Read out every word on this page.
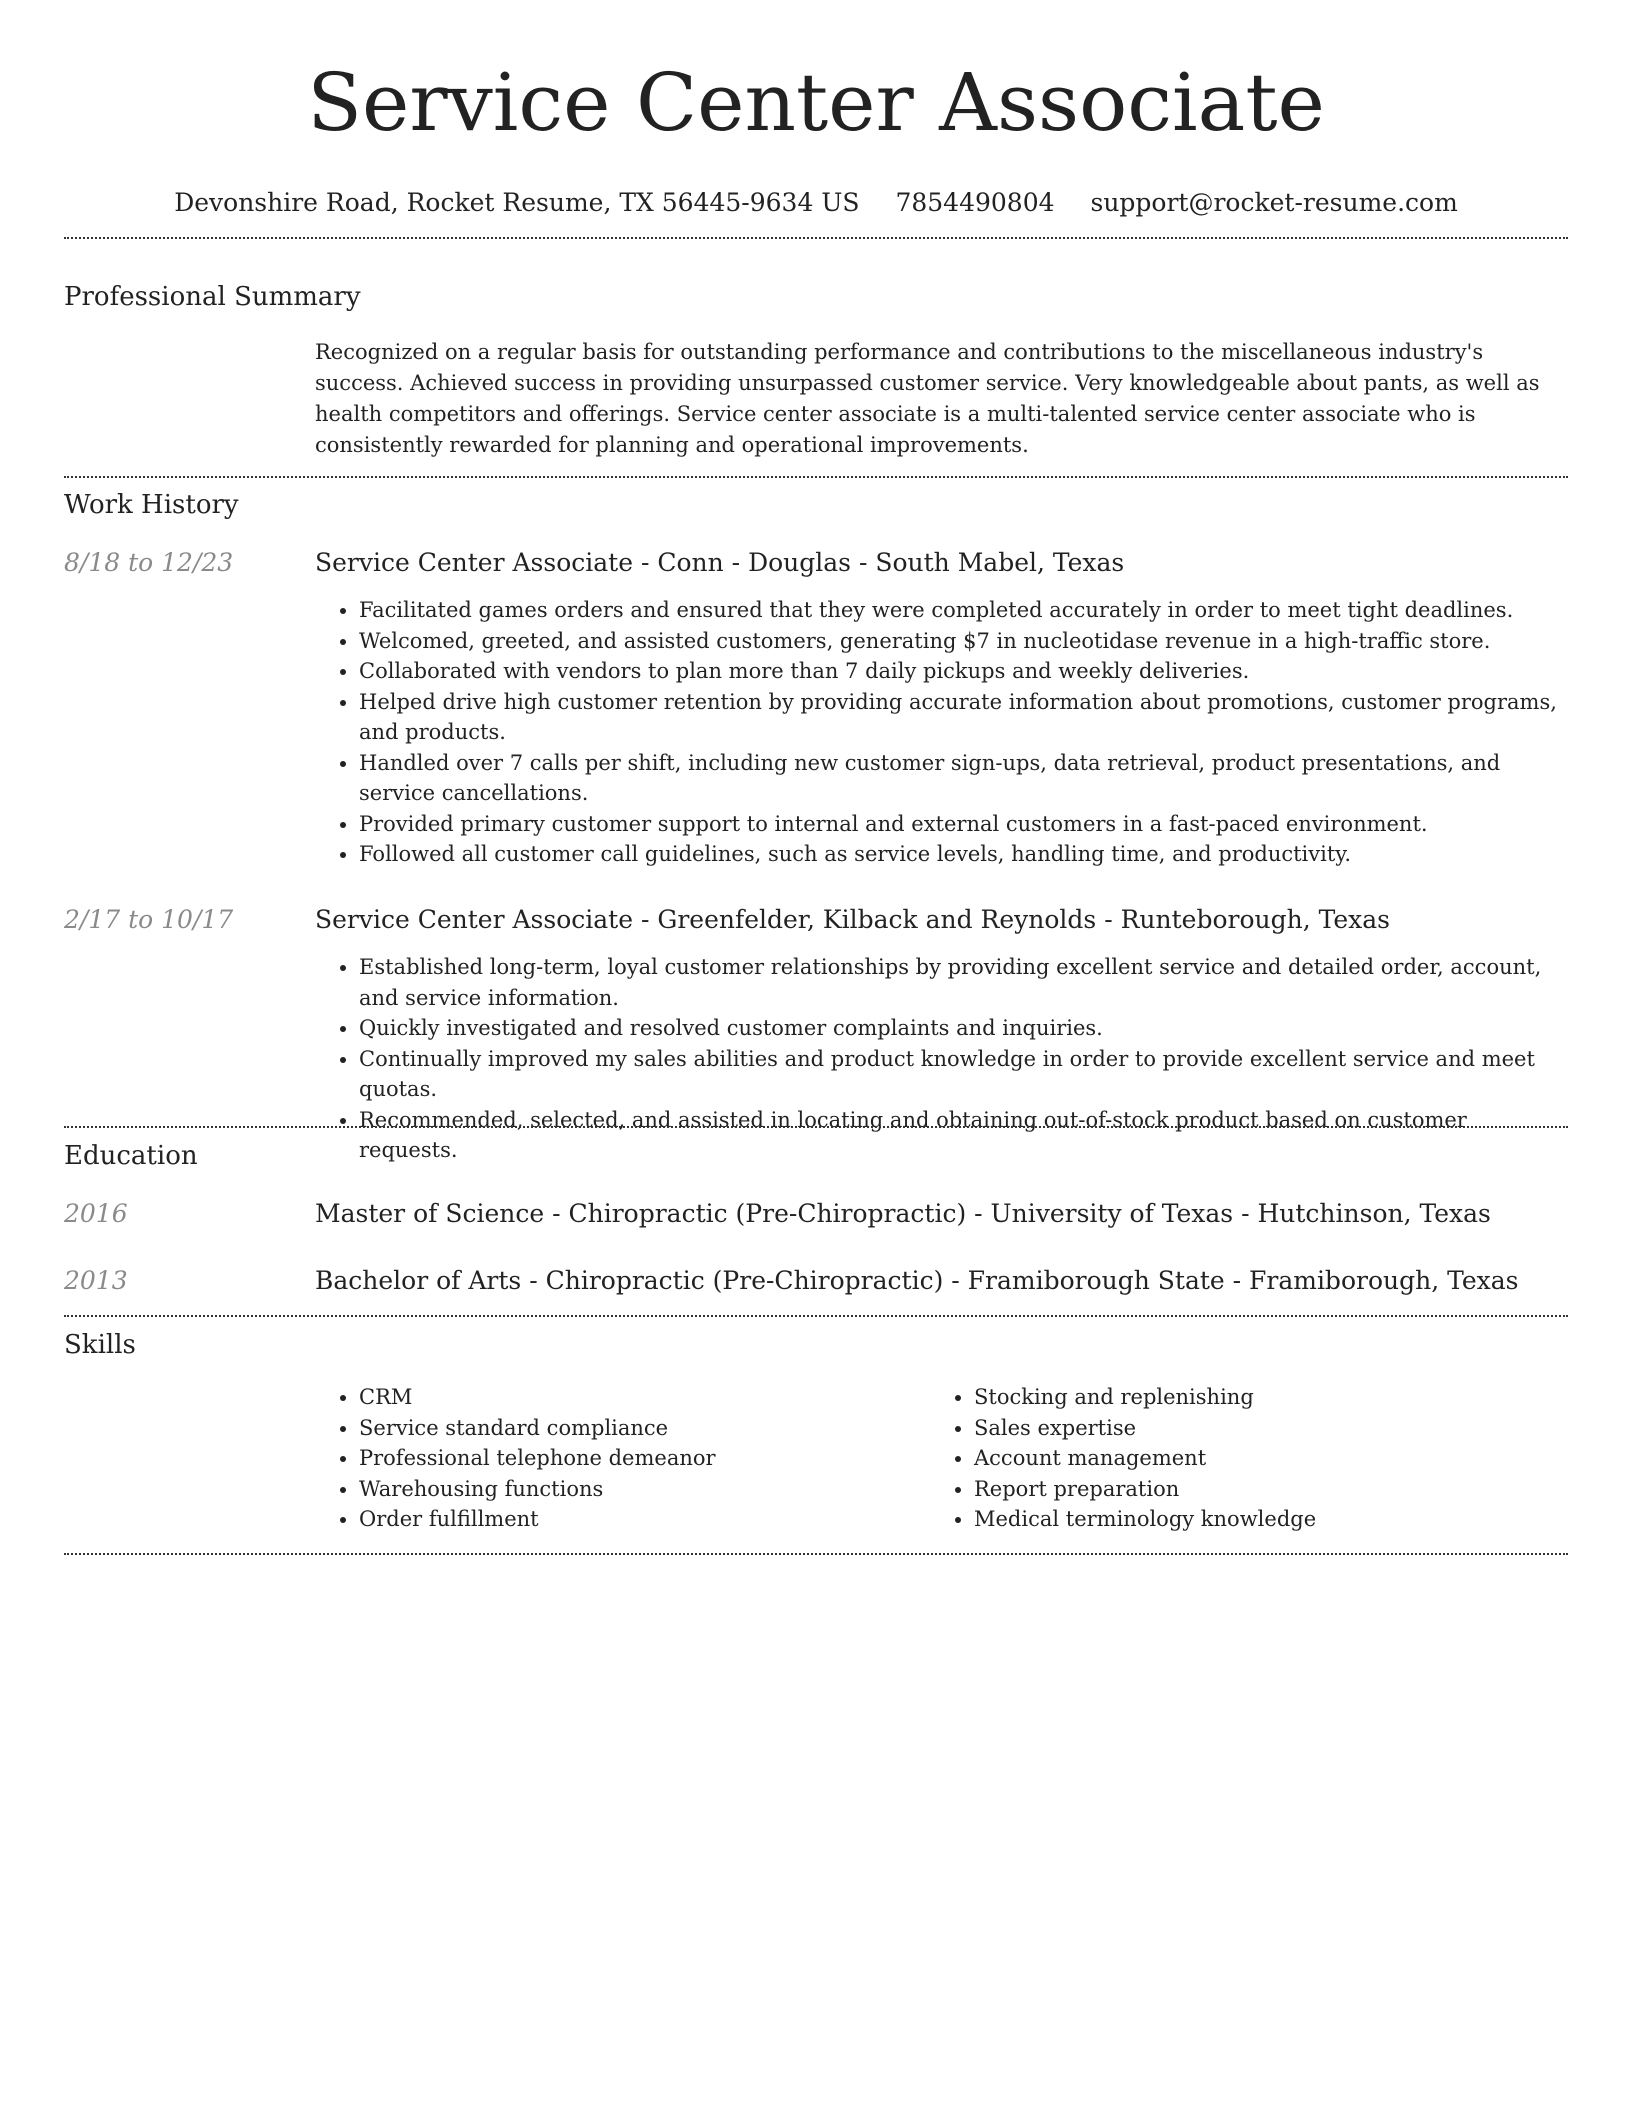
Service Center Associate
Devonshire Road, Rocket Resume, TX 56445-9634 US 7854490804 support@rocket-resume.com
Professional Summary

Recognized on a regular basis for outstanding performance and contributions to the miscellaneous industry's success. Achieved success in providing unsurpassed customer service. Very knowledgeable about pants, as well as health competitors and offerings. Service center associate is a multi-talented service center associate who is consistently rewarded for planning and operational improvements.

Work History
8/18 to 12/23	Service Center Associate - Conn - Douglas - South Mabel, Texas

• Facilitated games orders and ensured that they were completed accurately in order to meet tight deadlines.
• Welcomed, greeted, and assisted customers, generating $7 in nucleotidase revenue in a high-traffic store.
• Collaborated with vendors to plan more than 7 daily pickups and weekly deliveries.
• Helped drive high customer retention by providing accurate information about promotions, customer programs, and products.
• Handled over 7 calls per shift, including new customer sign-ups, data retrieval, product presentations, and service cancellations.
• Provided primary customer support to internal and external customers in a fast-paced environment.
• Followed all customer call guidelines, such as service levels, handling time, and productivity.
2/17 to 10/17	Service Center Associate - Greenfelder, Kilback and Reynolds - Runteborough, Texas

• Established long-term, loyal customer relationships by providing excellent service and detailed order, account, and service information.
• Quickly investigated and resolved customer complaints and inquiries.
• Continually improved my sales abilities and product knowledge in order to provide excellent service and meet quotas.
• Recommended, selected, and assisted in locating and obtaining out-of-stock product based on customer requests.
Education
2016	Master of Science - Chiropractic (Pre-Chiropractic) - University of Texas - Hutchinson, Texas
2013	Bachelor of Arts - Chiropractic (Pre-Chiropractic) - Framiborough State - Framiborough, Texas
Skills
• CRM
• Service standard compliance
• Professional telephone demeanor
• Warehousing functions
• Order fulfillment
• Stocking and replenishing
• Sales expertise
• Account management
• Report preparation
• Medical terminology knowledge
